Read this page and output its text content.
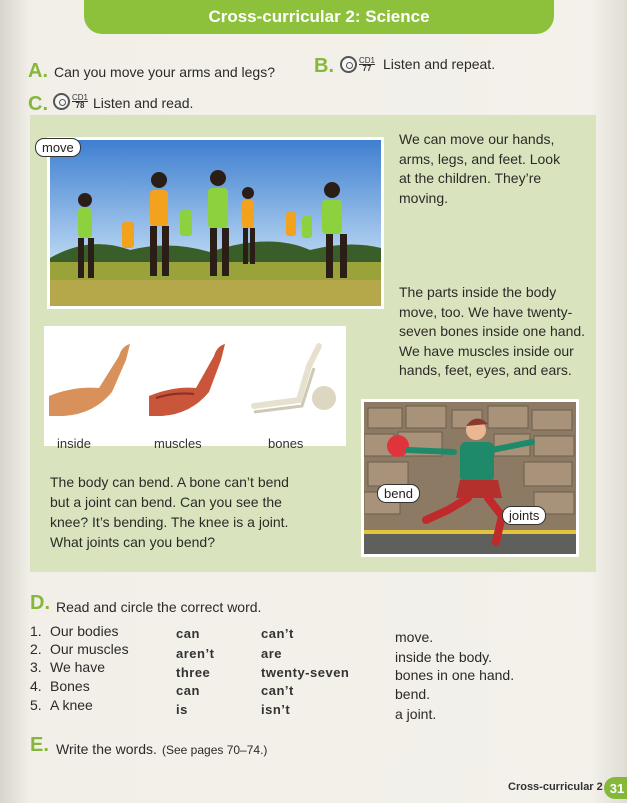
Cross-curricular 2: Science
A. Can you move your arms and legs? B.	CD1
77 Listen and repeat.
C.	CD1
78 Listen and read.
move
We can move our hands,
arms, legs, and feet. Look
at the children. They’re
moving.
The parts inside the body
move, too. We have twenty-
seven bones inside one hand.
We have muscles inside our
hands, feet, eyes, and ears.
inside	muscles	bones
The body can bend. A bone can’t bend
but a joint can bend. Can you see the
knee? It’s bending. The knee is a joint.
What joints can you bend?
bend
joints
D. Read and circle the correct word.
1. Our bodies	can	can’t	move.
2. Our muscles	aren’t	are	inside the body.
3. We have	three	twenty-seven	bones in one hand.
4. Bones	can	can’t	bend.
5. A knee	is	isn’t	a joint.
E. Write the words. (See pages 70–74.)
Cross-curricular 2 31
